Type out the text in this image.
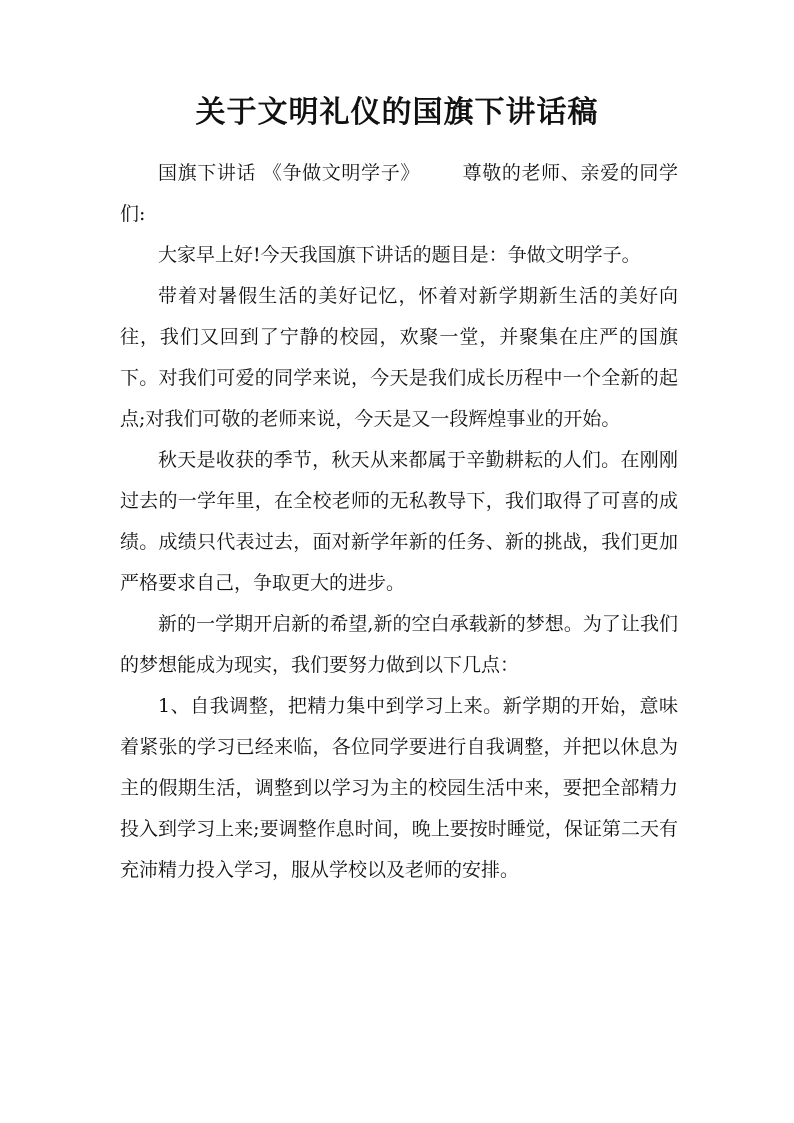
关于文明礼仪的国旗下讲话稿

国旗下讲话 《争做文明学子》 尊敬的老师、亲爱的同学们:

大家早上好!今天我国旗下讲话的题目是：争做文明学子。

带着对暑假生活的美好记忆，怀着对新学期新生活的美好向往，我们又回到了宁静的校园，欢聚一堂，并聚集在庄严的国旗下。对我们可爱的同学来说，今天是我们成长历程中一个全新的起点;对我们可敬的老师来说，今天是又一段辉煌事业的开始。

秋天是收获的季节，秋天从来都属于辛勤耕耘的人们。在刚刚过去的一学年里，在全校老师的无私教导下，我们取得了可喜的成绩。成绩只代表过去，面对新学年新的任务、新的挑战，我们更加严格要求自己，争取更大的进步。

新的一学期开启新的希望,新的空白承载新的梦想。为了让我们的梦想能成为现实，我们要努力做到以下几点：

1、自我调整，把精力集中到学习上来。新学期的开始，意味着紧张的学习已经来临，各位同学要进行自我调整，并把以休息为主的假期生活，调整到以学习为主的校园生活中来，要把全部精力投入到学习上来;要调整作息时间，晚上要按时睡觉，保证第二天有充沛精力投入学习，服从学校以及老师的安排。
